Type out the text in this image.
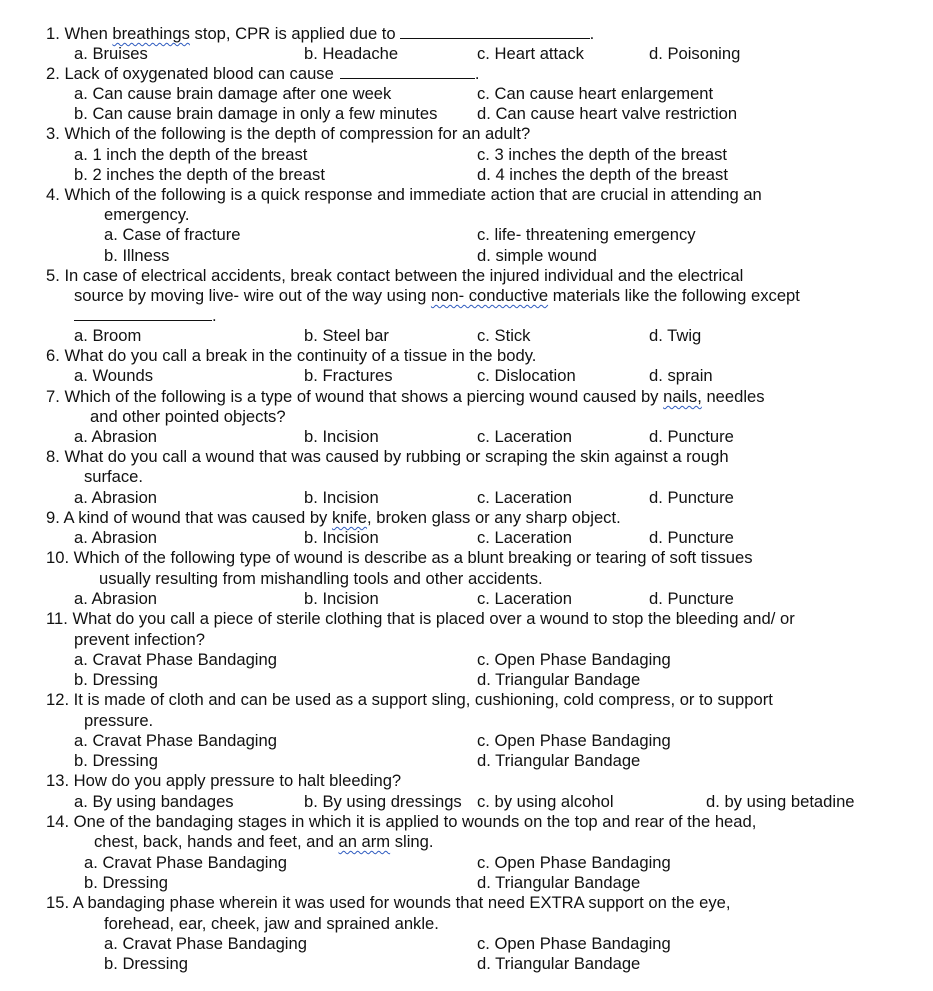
1. When breathings stop, CPR is applied due to	.
a. Bruises	b. Headache	c. Heart attack	d. Poisoning
2. Lack of oxygenated blood can cause	.
a. Can cause brain damage after one week	c. Can cause heart enlargement
b. Can cause brain damage in only a few minutes d. Can cause heart valve restriction
3. Which of the following is the depth of compression for an adult?
a. 1 inch the depth of the breast	c. 3 inches the depth of the breast
b. 2 inches the depth of the breast	d. 4 inches the depth of the breast
4. Which of the following is a quick response and immediate action that are crucial in attending an
emergency.
a. Case of fracture	c. life- threatening emergency
b. Illness	d. simple wound
5. In case of electrical accidents, break contact between the injured individual and the electrical
source by moving live- wire out of the way using non- conductive materials like the following except
.
a. Broom	b. Steel bar	c. Stick	d. Twig
6. What do you call a break in the continuity of a tissue in the body.
a. Wounds	b. Fractures	c. Dislocation	d. sprain
7. Which of the following is a type of wound that shows a piercing wound caused by nails, needles
and other pointed objects?
a. Abrasion	b. Incision	c. Laceration	d. Puncture
8. What do you call a wound that was caused by rubbing or scraping the skin against a rough
surface.
a. Abrasion	b. Incision	c. Laceration	d. Puncture
9. A kind of wound that was caused by knife, broken glass or any sharp object.
a. Abrasion	b. Incision	c. Laceration	d. Puncture
10. Which of the following type of wound is describe as a blunt breaking or tearing of soft tissues
usually resulting from mishandling tools and other accidents.
a. Abrasion	b. Incision	c. Laceration	d. Puncture
11. What do you call a piece of sterile clothing that is placed over a wound to stop the bleeding and/ or
prevent infection?
a. Cravat Phase Bandaging	c. Open Phase Bandaging
b. Dressing	d. Triangular Bandage
12. It is made of cloth and can be used as a support sling, cushioning, cold compress, or to support
pressure.
a. Cravat Phase Bandaging	c. Open Phase Bandaging
b. Dressing	d. Triangular Bandage
13. How do you apply pressure to halt bleeding?
a. By using bandages	b. By using dressings c. by using alcohol	d. by using betadine
14. One of the bandaging stages in which it is applied to wounds on the top and rear of the head,
chest, back, hands and feet, and an arm sling.
a. Cravat Phase Bandaging	c. Open Phase Bandaging
b. Dressing	d. Triangular Bandage
15. A bandaging phase wherein it was used for wounds that need EXTRA support on the eye,
forehead, ear, cheek, jaw and sprained ankle.
a. Cravat Phase Bandaging	c. Open Phase Bandaging
b. Dressing	d. Triangular Bandage
